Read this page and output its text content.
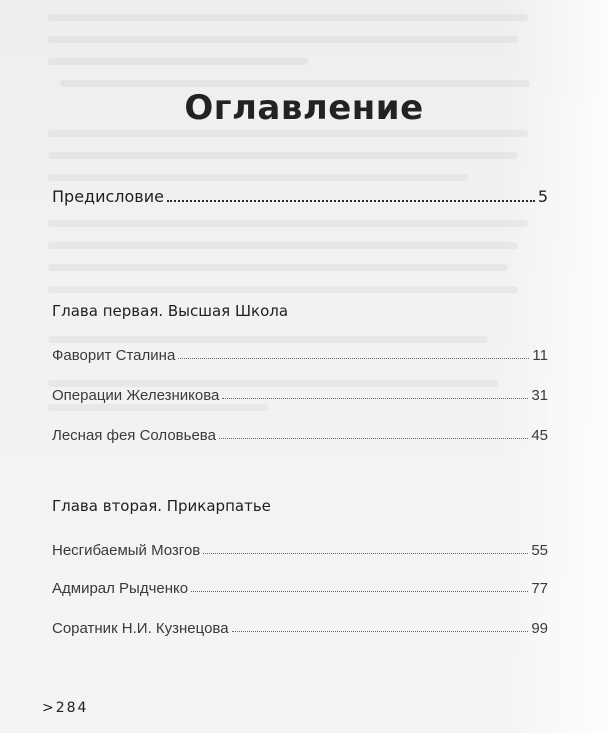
Оглавление
Предисловие	5
Глава первая. Высшая Школа
Фаворит Сталина	11
Операции Железникова	31
Лесная фея Соловьева	45
Глава вторая. Прикарпатье
Несгибаемый Мозгов	55
Адмирал Рыдченко	77
Соратник Н.И. Кузнецова	99
>284
